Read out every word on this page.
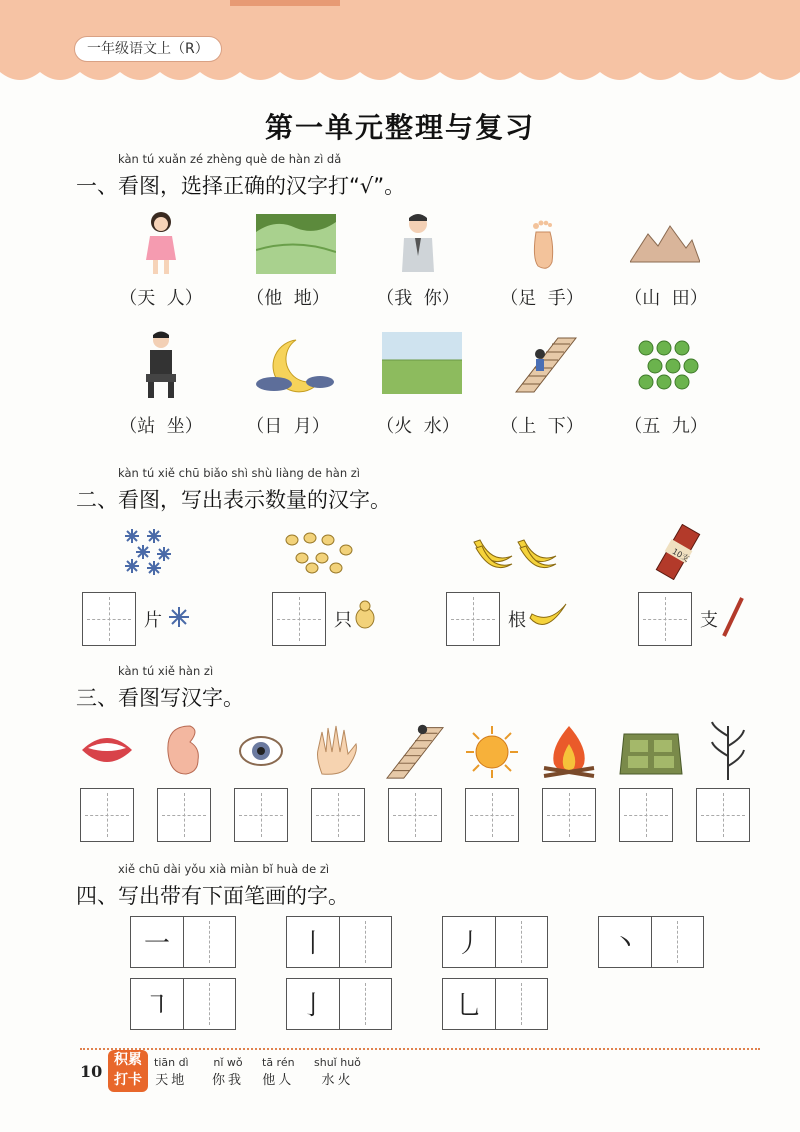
一年级语文上（R）
第一单元整理与复习
kàn tú xuǎn zé zhèng què de hàn zì dǎ
一、看图，选择正确的汉字打“√”。
（天  人）	（他  地）	（我  你）	（足  手）	（山  田）
（站  坐）	（日  月）	（火  水）	（上  下）	（五  九）
kàn tú xiě chū biǎo shì shù liàng de hàn zì
二、看图，写出表示数量的汉字。
10支
片	只	根	支
kàn tú xiě hàn zì
三、看图写汉字。
xiě chū dài yǒu xià miàn bǐ huà de zì
四、写出带有下面笔画的字。
一	丨	丿	丶
㇕	亅	乚
10
积累
打卡
tiān dì
天地
nǐ wǒ
你我
tā rén
他人
shuǐ huǒ
水火
